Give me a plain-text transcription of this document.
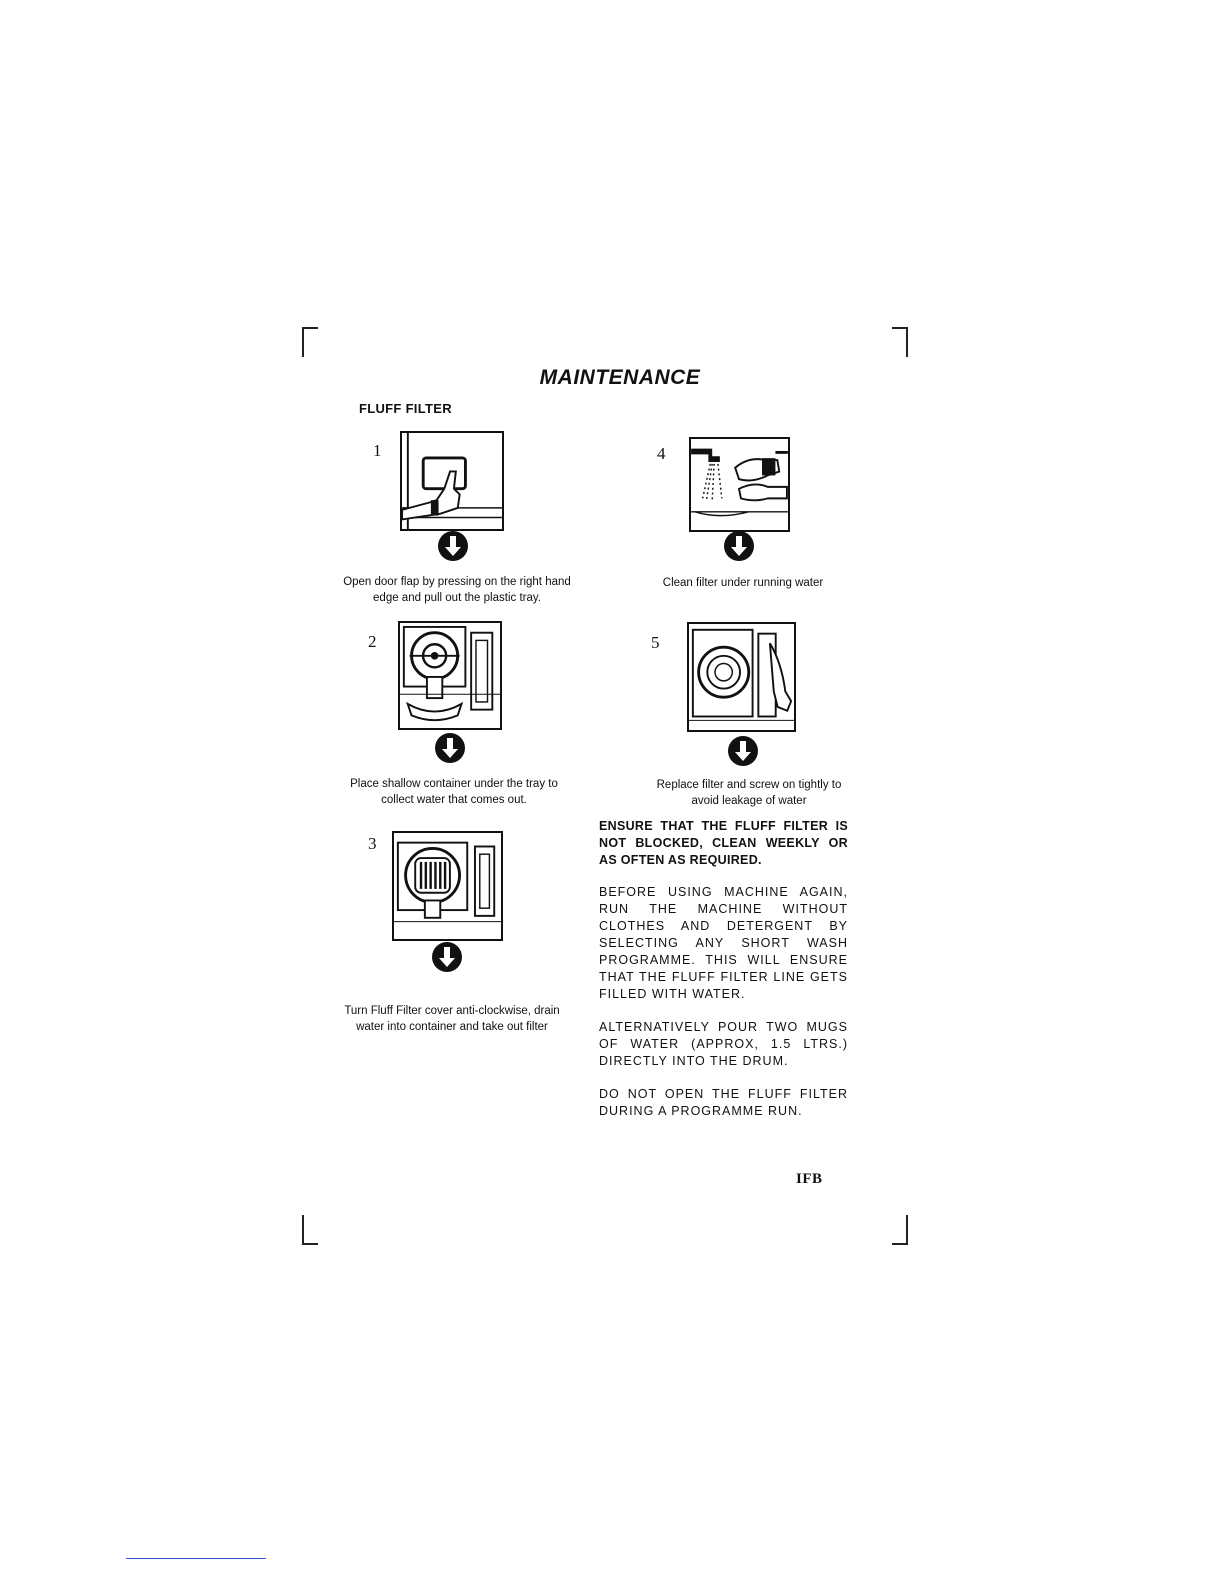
MAINTENANCE
FLUFF FILTER
1
Open door flap by pressing on the right hand
edge and pull out the plastic tray.
2
Place shallow container under the tray to
collect water that comes out.
3
Turn Fluff Filter cover anti-clockwise, drain
water into container and take out filter
4
Clean filter under running water
5
Replace filter and screw on tightly to
avoid leakage of water
ENSURE THAT THE FLUFF FILTER IS
NOT BLOCKED, CLEAN WEEKLY OR
AS OFTEN AS REQUIRED.
BEFORE USING MACHINE AGAIN,
RUN THE MACHINE WITHOUT
CLOTHES AND DETERGENT BY
SELECTING ANY SHORT WASH
PROGRAMME. THIS WILL ENSURE
THAT THE FLUFF FILTER LINE GETS
FILLED WITH WATER.
ALTERNATIVELY POUR TWO MUGS
OF WATER (APPROX, 1.5 LTRS.)
DIRECTLY INTO THE DRUM.
DO NOT OPEN THE FLUFF FILTER
DURING A PROGRAMME RUN.
IFB
